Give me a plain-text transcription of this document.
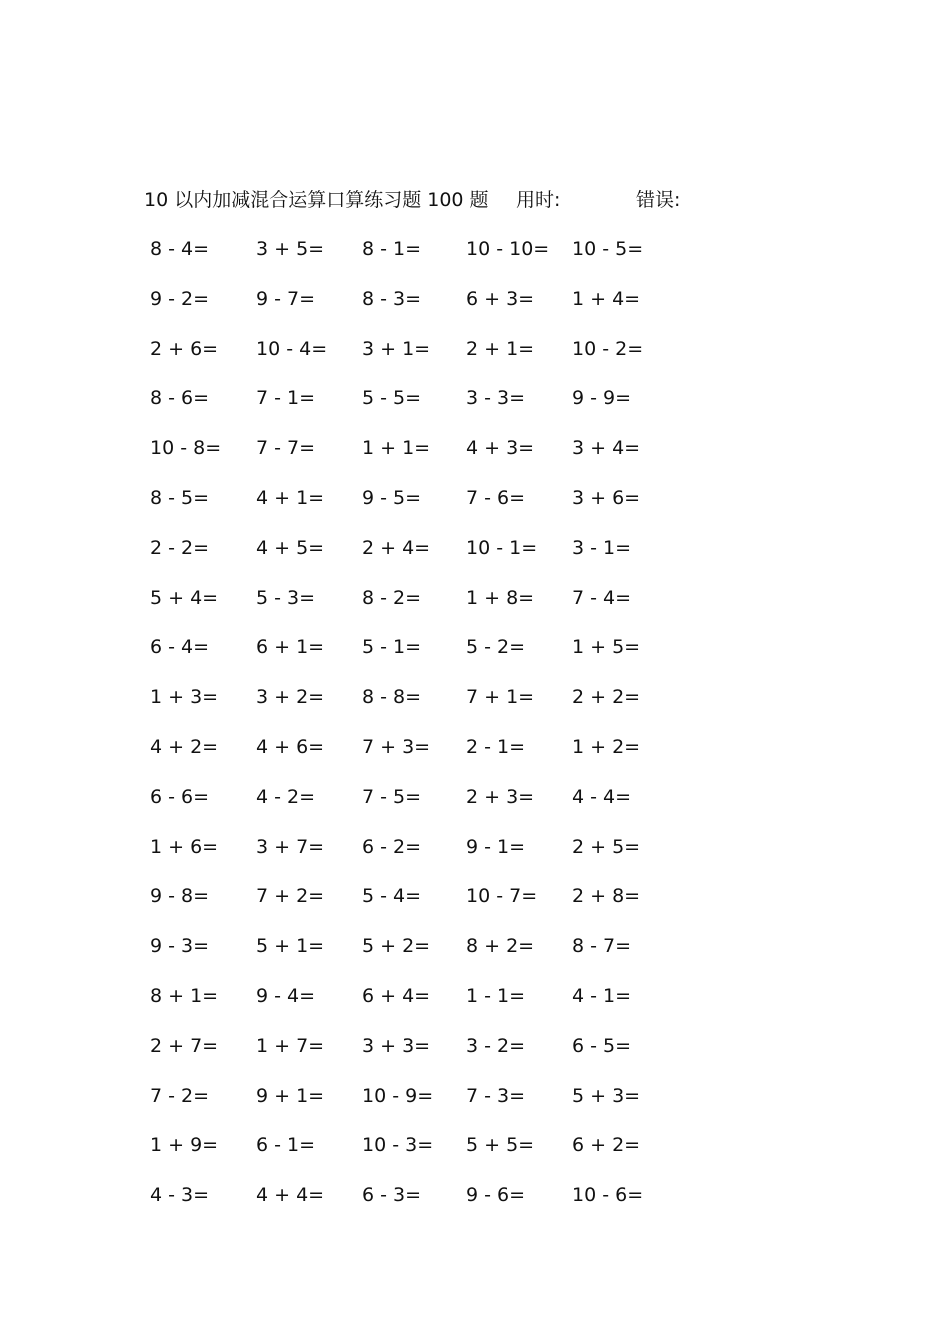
10 以内加减混合运算口算练习题 100 题 用时:	错误:
8 - 4=	3 + 5=	8 - 1=	10 - 10=	10 - 5=
9 - 2=	9 - 7=	8 - 3=	6 + 3=	1 + 4=
2 + 6=	10 - 4=	3 + 1=	2 + 1=	10 - 2=
8 - 6=	7 - 1=	5 - 5=	3 - 3=	9 - 9=
10 - 8=	7 - 7=	1 + 1=	4 + 3=	3 + 4=
8 - 5=	4 + 1=	9 - 5=	7 - 6=	3 + 6=
2 - 2=	4 + 5=	2 + 4=	10 - 1=	3 - 1=
5 + 4=	5 - 3=	8 - 2=	1 + 8=	7 - 4=
6 - 4=	6 + 1=	5 - 1=	5 - 2=	1 + 5=
1 + 3=	3 + 2=	8 - 8=	7 + 1=	2 + 2=
4 + 2=	4 + 6=	7 + 3=	2 - 1=	1 + 2=
6 - 6=	4 - 2=	7 - 5=	2 + 3=	4 - 4=
1 + 6=	3 + 7=	6 - 2=	9 - 1=	2 + 5=
9 - 8=	7 + 2=	5 - 4=	10 - 7=	2 + 8=
9 - 3=	5 + 1=	5 + 2=	8 + 2=	8 - 7=
8 + 1=	9 - 4=	6 + 4=	1 - 1=	4 - 1=
2 + 7=	1 + 7=	3 + 3=	3 - 2=	6 - 5=
7 - 2=	9 + 1=	10 - 9=	7 - 3=	5 + 3=
1 + 9=	6 - 1=	10 - 3=	5 + 5=	6 + 2=
4 - 3=	4 + 4=	6 - 3=	9 - 6=	10 - 6=
